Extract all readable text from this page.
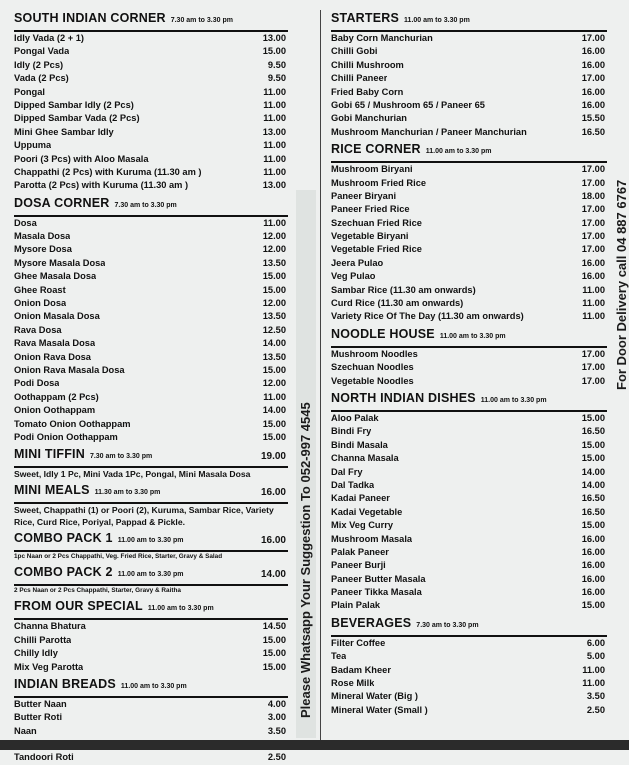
SOUTH INDIAN CORNER 7.30 am to 3.30 pm
Idly Vada (2 + 1)	13.00
Pongal Vada	15.00
Idly (2 Pcs)	9.50
Vada (2 Pcs)	9.50
Pongal	11.00
Dipped Sambar Idly (2 Pcs)	11.00
Dipped Sambar Vada (2 Pcs)	11.00
Mini Ghee Sambar Idly	13.00
Uppuma	11.00
Poori (3 Pcs) with Aloo Masala	11.00
Chappathi (2 Pcs) with Kuruma (11.30 am )	11.00
Parotta (2 Pcs) with Kuruma (11.30 am )	13.00
DOSA CORNER 7.30 am to 3.30 pm
Dosa	11.00
Masala Dosa	12.00
Mysore Dosa	12.00
Mysore Masala Dosa	13.50
Ghee Masala Dosa	15.00
Ghee Roast	15.00
Onion Dosa	12.00
Onion Masala Dosa	13.50
Rava Dosa	12.50
Rava Masala Dosa	14.00
Onion Rava Dosa	13.50
Onion Rava Masala Dosa	15.00
Podi Dosa	12.00
Oothappam (2 Pcs)	11.00
Onion Oothappam	14.00
Tomato Onion Oothappam	15.00
Podi Onion Oothappam	15.00
MINI TIFFIN 7.30 am to 3.30 pm	19.00
Sweet, Idly 1 Pc, Mini Vada 1Pc, Pongal, Mini Masala Dosa
MINI MEALS 11.30 am to 3.30 pm	16.00
Sweet, Chappathi (1) or Poori (2), Kuruma, Sambar Rice, Variety Rice, Curd Rice, Poriyal, Pappad & Pickle.
COMBO PACK 1 11.00 am to 3.30 pm	16.00
1pc Naan or 2 Pcs Chappathi, Veg. Fried Rice, Starter, Gravy & Salad
COMBO PACK 2 11.00 am to 3.30 pm	14.00
2 Pcs Naan or 2 Pcs Chappathi, Starter, Gravy & Raitha
FROM OUR SPECIAL 11.00 am to 3.30 pm
Channa Bhatura	14.50
Chilli Parotta	15.00
Chilly Idly	15.00
Mix Veg Parotta	15.00
INDIAN BREADS 11.00 am to 3.30 pm
Butter Naan	4.00
Butter Roti	3.00
Naan	3.50
Tandoori Roti	2.50
STARTERS 11.00 am to 3.30 pm
Baby Corn Manchurian	17.00
Chilli Gobi	16.00
Chilli Mushroom	16.00
Chilli Paneer	17.00
Fried Baby Corn	16.00
Gobi 65 / Mushroom 65 / Paneer 65	16.00
Gobi Manchurian	15.50
Mushroom Manchurian / Paneer Manchurian	16.50
RICE CORNER 11.00 am to 3.30 pm
Mushroom Biryani	17.00
Mushroom Fried Rice	17.00
Paneer Biryani	18.00
Paneer Fried Rice	17.00
Szechuan Fried Rice	17.00
Vegetable Biryani	17.00
Vegetable Fried Rice	17.00
Jeera Pulao	16.00
Veg Pulao	16.00
Sambar Rice (11.30 am onwards)	11.00
Curd Rice (11.30 am onwards)	11.00
Variety Rice Of The Day (11.30 am onwards)	11.00
NOODLE HOUSE 11.00 am to 3.30 pm
Mushroom Noodles	17.00
Szechuan Noodles	17.00
Vegetable Noodles	17.00
NORTH INDIAN DISHES 11.00 am to 3.30 pm
Aloo Palak	15.00
Bindi Fry	16.50
Bindi Masala	15.00
Channa Masala	15.00
Dal Fry	14.00
Dal Tadka	14.00
Kadai Paneer	16.50
Kadai Vegetable	16.50
Mix Veg Curry	15.00
Mushroom Masala	16.00
Palak Paneer	16.00
Paneer Burji	16.00
Paneer Butter Masala	16.00
Paneer Tikka Masala	16.00
Plain Palak	15.00
BEVERAGES 7.30 am to 3.30 pm
Filter Coffee	6.00
Tea	5.00
Badam Kheer	11.00
Rose Milk	11.00
Mineral Water (Big )	3.50
Mineral Water (Small )	2.50
Please Whatsapp Your Suggestion To 052-997 4545
For Door Delivery call 04 887 6767
